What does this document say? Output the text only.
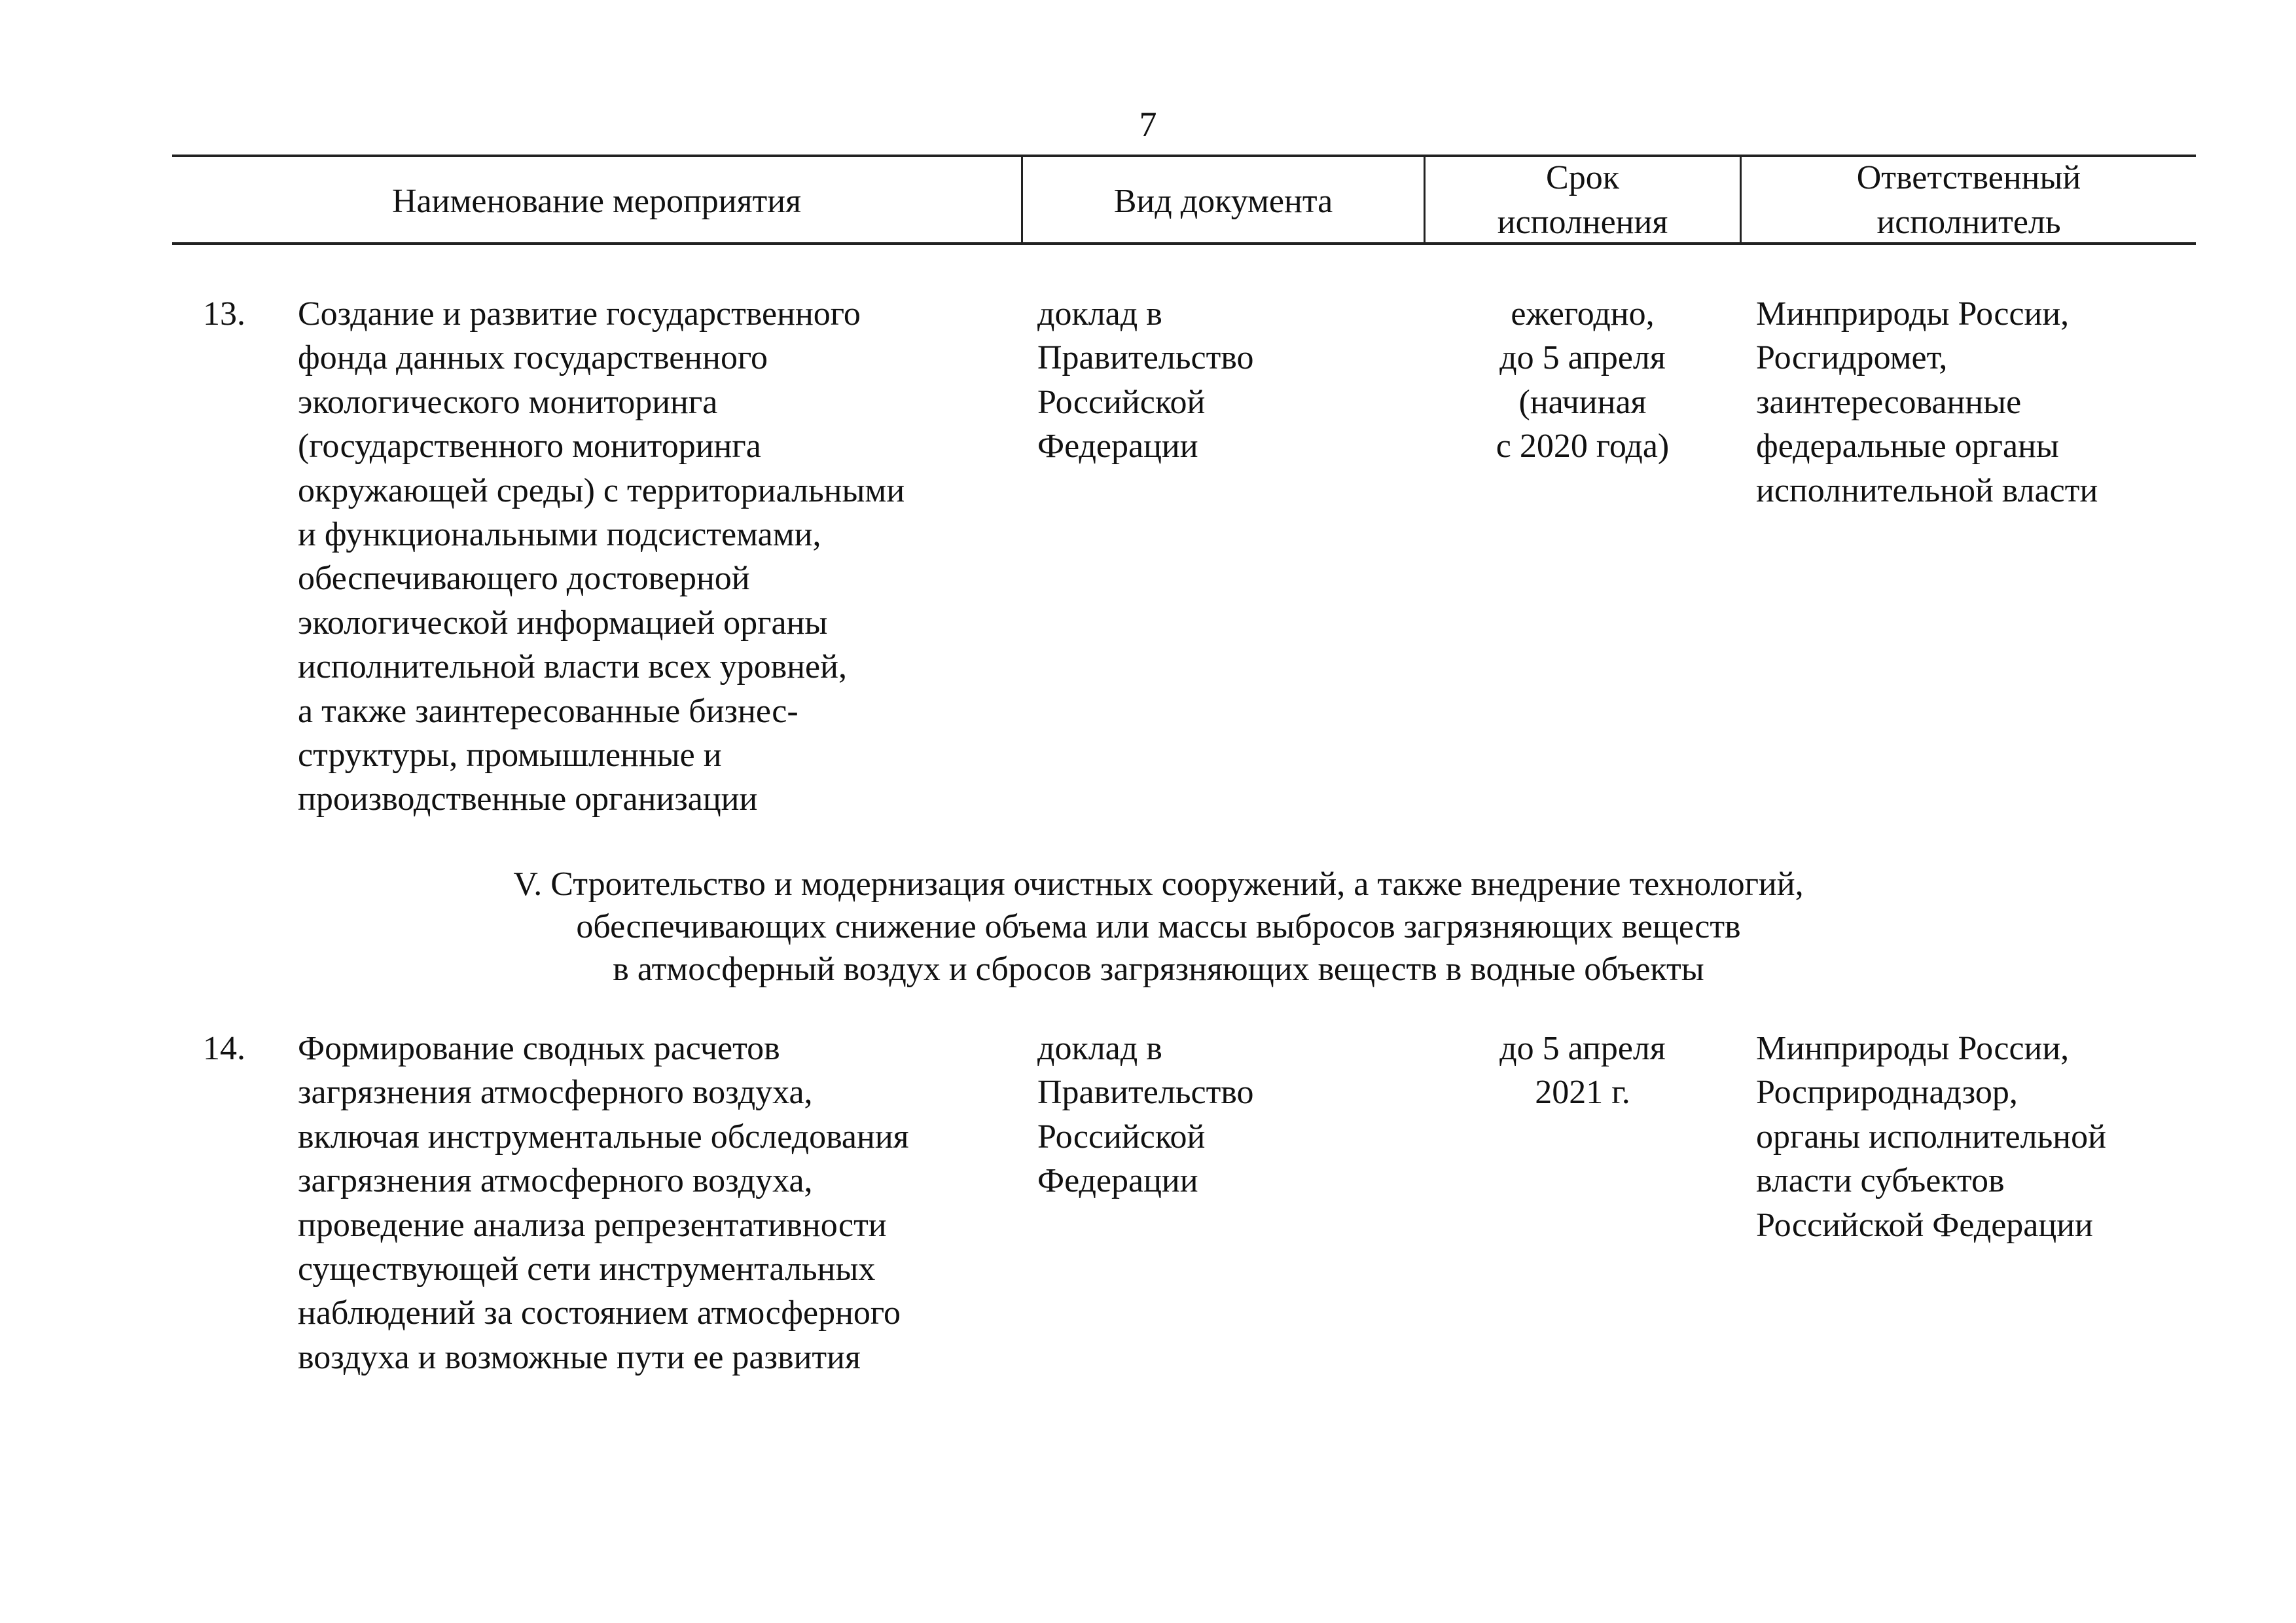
7
Наименование мероприятия	Вид документа
Срок
исполнения
Ответственный
исполнитель
13. Создание и развитие государственного
фонда данных государственного
экологического мониторинга
(государственного мониторинга
окружающей среды) с территориальными
и функциональными подсистемами,
обеспечивающего достоверной
экологической информацией органы
исполнительной власти всех уровней,
а также заинтересованные бизнес-
структуры, промышленные и
производственные организации
доклад в
Правительство
Российской
Федерации
ежегодно,
до 5 апреля
(начиная
с 2020 года)
Минприроды России,
Росгидромет,
заинтересованные
федеральные органы
исполнительной власти
V. Строительство и модернизация очистных сооружений, а также внедрение технологий,
обеспечивающих снижение объема или массы выбросов загрязняющих веществ
в атмосферный воздух и сбросов загрязняющих веществ в водные объекты
14. Формирование сводных расчетов
загрязнения атмосферного воздуха,
включая инструментальные обследования
загрязнения атмосферного воздуха,
проведение анализа репрезентативности
существующей сети инструментальных
наблюдений за состоянием атмосферного
воздуха и возможные пути ее развития
доклад в
Правительство
Российской
Федерации
до 5 апреля
2021 г.
Минприроды России,
Росприроднадзор,
органы исполнительной
власти субъектов
Российской Федерации
